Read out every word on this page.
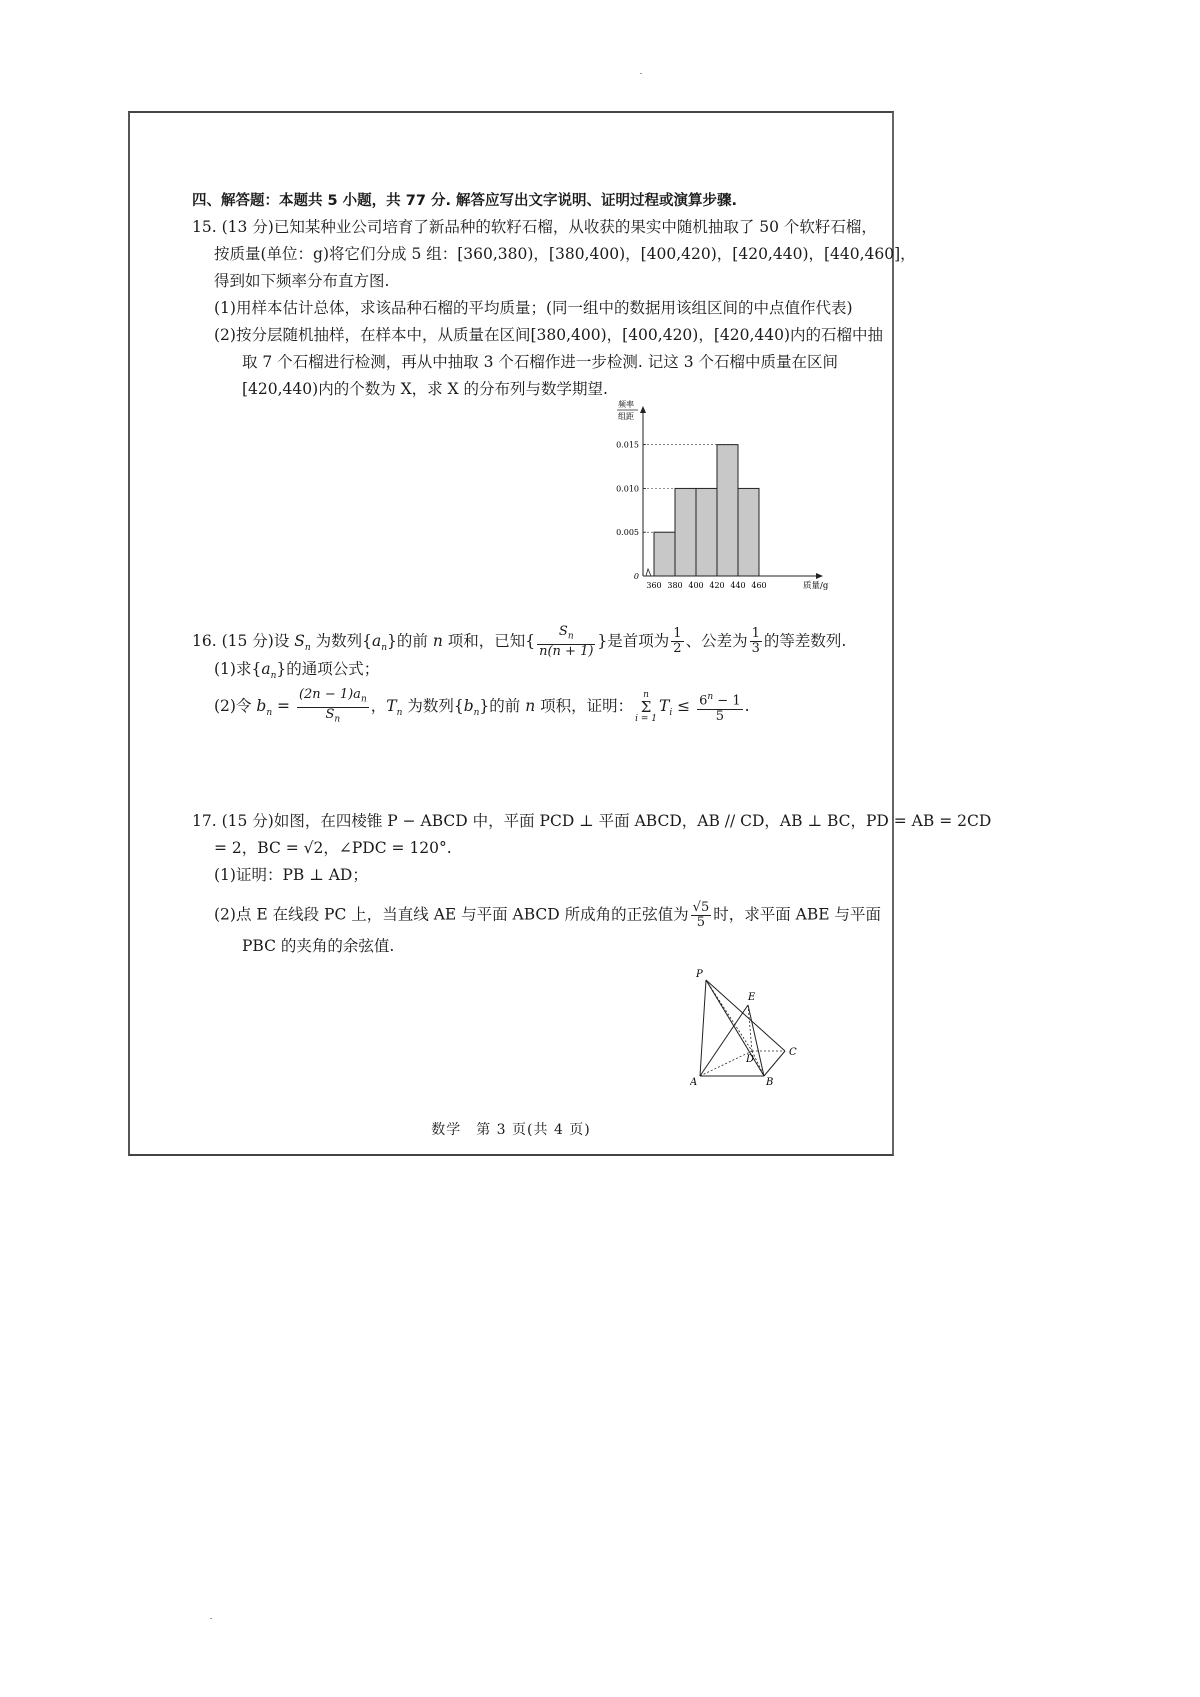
四、解答题：本题共 5 小题，共 77 分. 解答应写出文字说明、证明过程或演算步骤.
15. (13 分)已知某种业公司培育了新品种的软籽石榴，从收获的果实中随机抽取了 50 个软籽石榴，
按质量(单位：g)将它们分成 5 组：[360,380)，[380,400)，[400,420)，[420,440)，[440,460]，
得到如下频率分布直方图.
(1)用样本估计总体，求该品种石榴的平均质量；(同一组中的数据用该组区间的中点值作代表)
(2)按分层随机抽样，在样本中，从质量在区间[380,400)，[400,420)，[420,440)内的石榴中抽
取 7 个石榴进行检测，再从中抽取 3 个石榴作进一步检测. 记这 3 个石榴中质量在区间
[420,440)内的个数为 X，求 X 的分布列与数学期望.
频率
组距
0
0.005
0.010
0.015
360 380 400 420 440 460	质量/g
16. (15 分)设 $S_n$ 为数列$\{a_n\}$的前 n 项和，已知{ $\frac{S_n}{n(n + 1)}$ }是首项为 $\frac{1}{2}$ 、公差为 $\frac{1}{3}$ 的等差数列.
(1)求$\{a_n\}$的通项公式；
(2)令 $b_n = \frac{(2n - 1)a_n}{S_n}$ ，$T_n$ 为数列$\{b_n\}$的前 n 项积，证明：n
Σ
$i = 1T_i \le \frac{6^n - 1}{5}$ .
17. (15 分)如图，在四棱锥 P − ABCD 中，平面 PCD ⊥ 平面 ABCD，AB // CD，AB ⊥ BC，PD = AB = 2CD
= 2，BC = √2，∠PDC = 120°.
(1)证明：PB ⊥ AD；
(2)点 E 在线段 PC 上，当直线 AE 与平面 ABCD 所成角的正弦值为 $\frac{√5}{5}$ 时，求平面 ABE 与平面
PBC 的夹角的余弦值.
P
E
D
C
A	B
数学　第 3 页(共 4 页)
